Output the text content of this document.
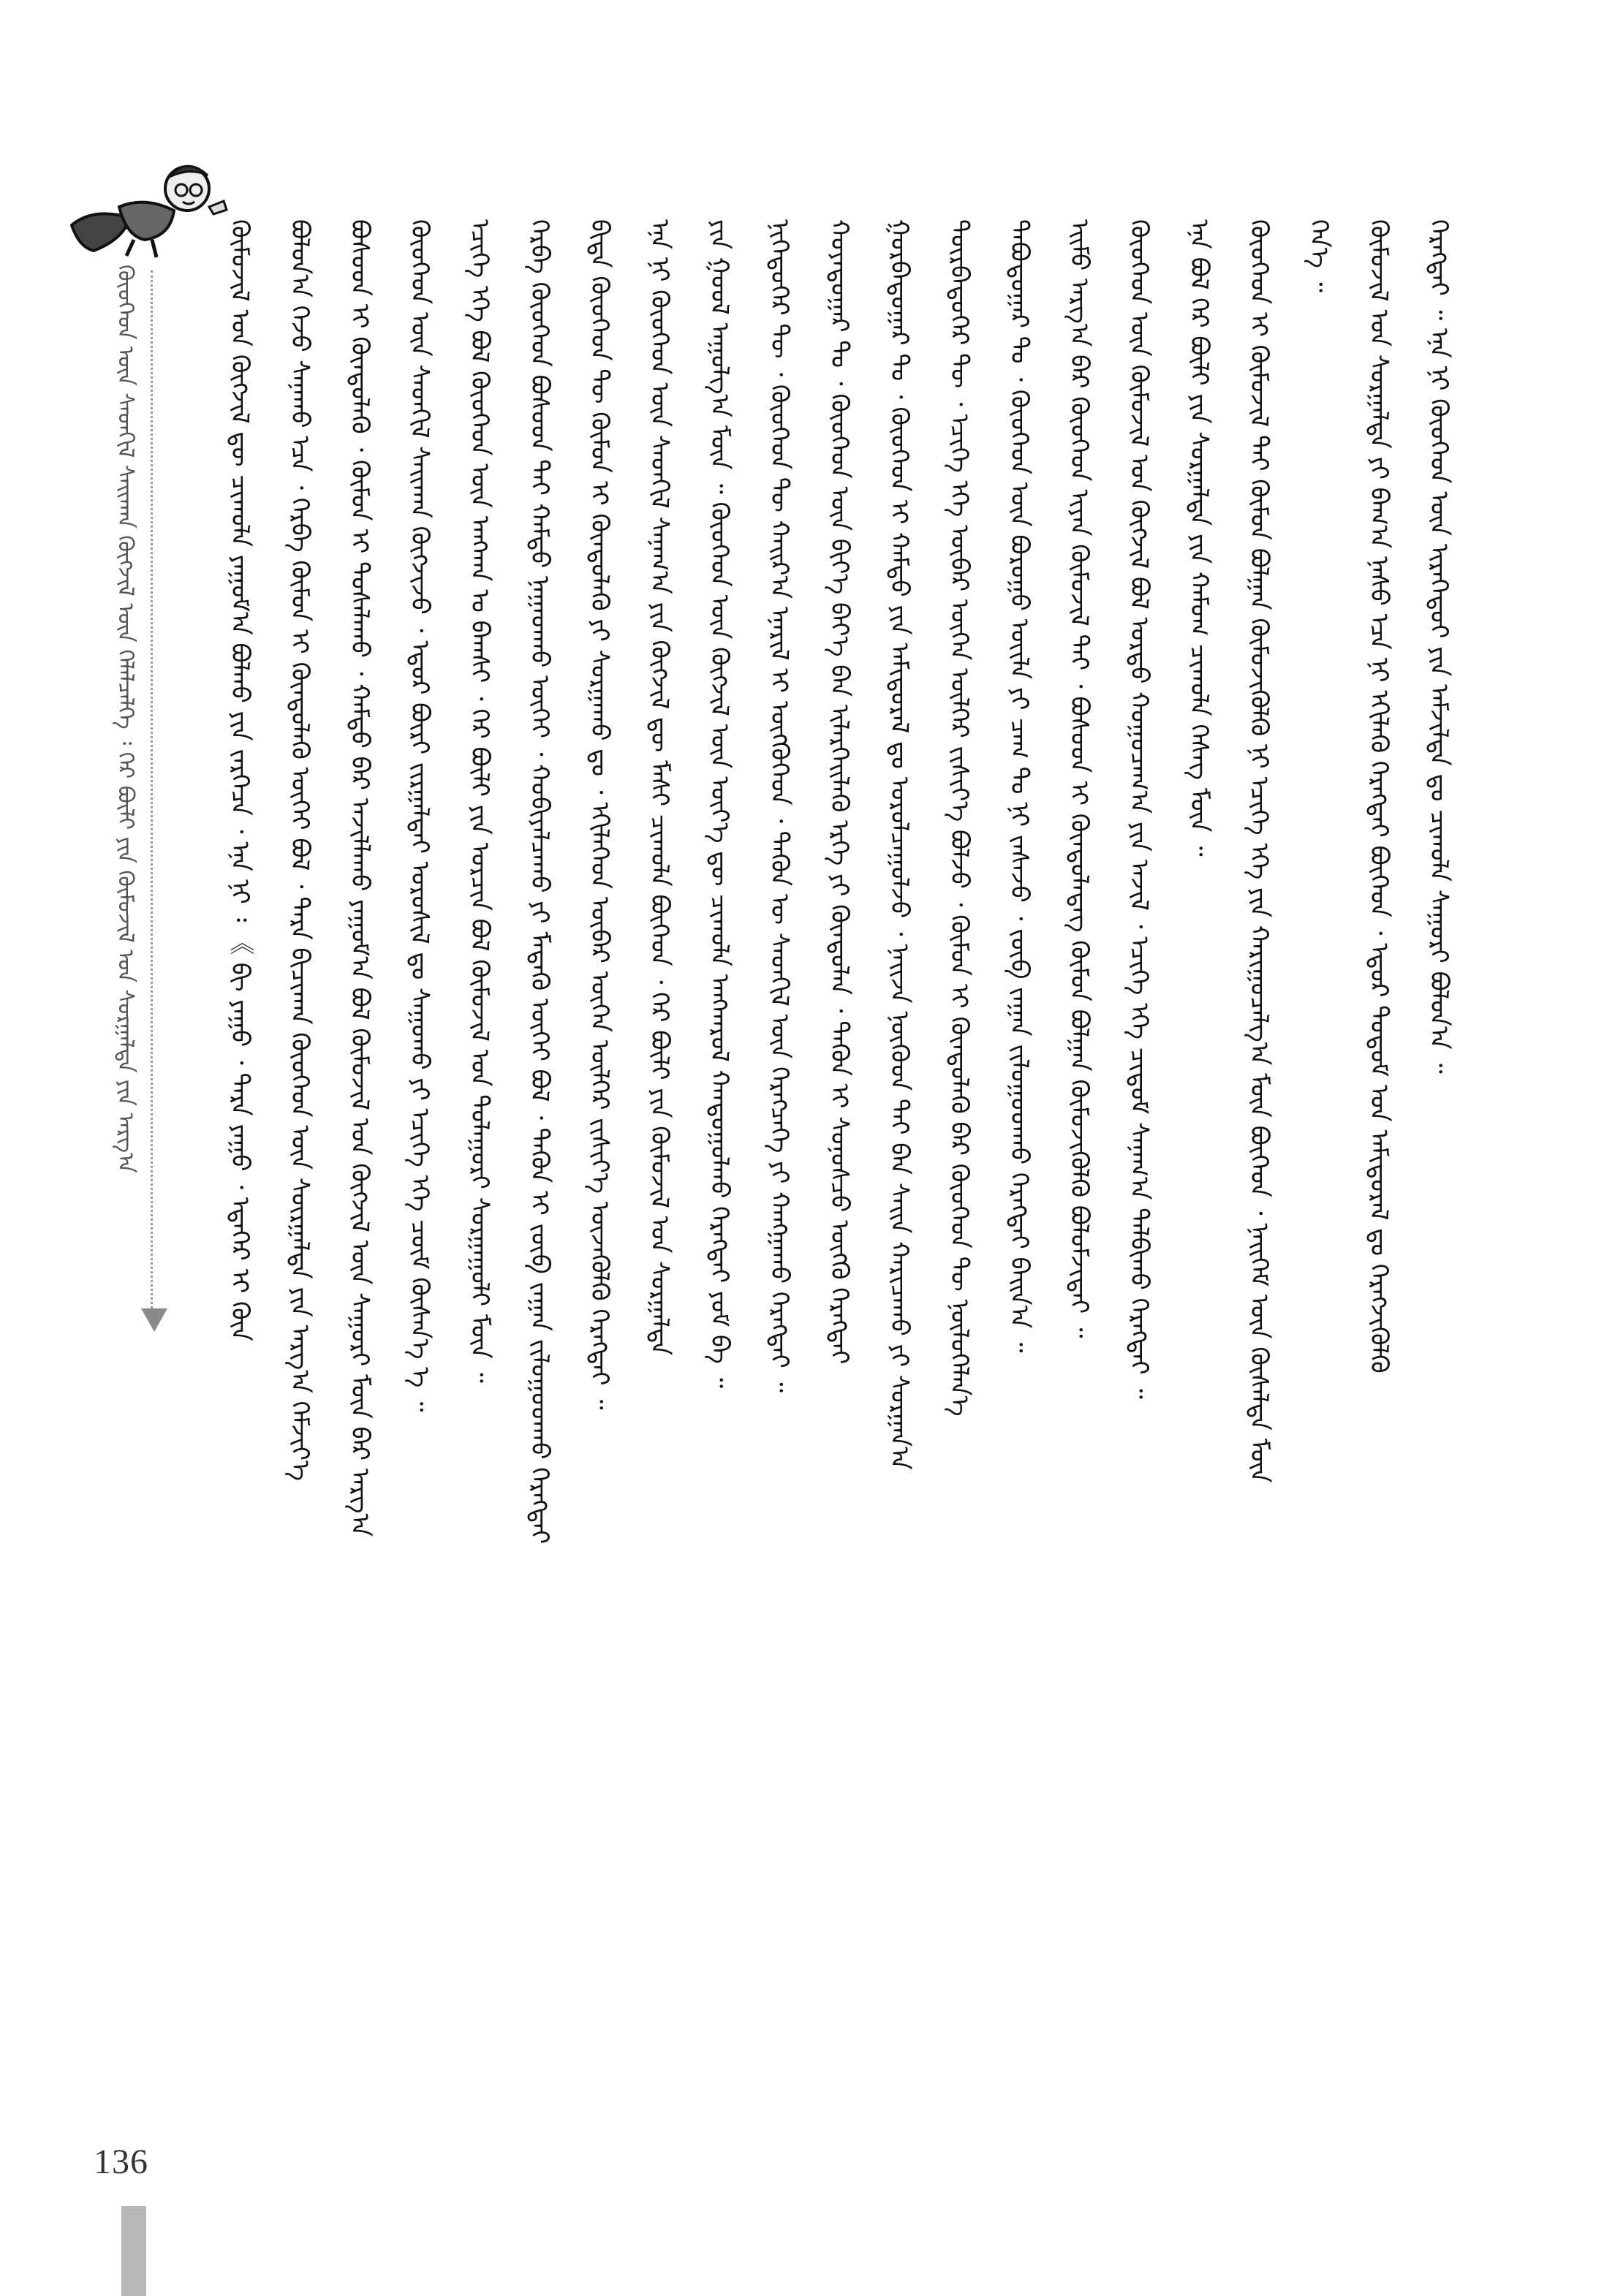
ᠬᠦᠦᠬᠡᠳ ᠦᠨ ᠰᠡᠳᠬᠢᠯ ᠰᠠᠢᠬᠠᠨ ᠬᠥᠭᠵᠢᠯ ᠦᠨ ᠬᠡᠯᠡᠯᠴᠡᠯᠭᠡ ᠄ ᠭᠡᠷ ᠪᠦᠯᠢ ᠶᠢᠨ ᠬᠦᠮᠦᠵᠢᠯ ᠤᠨ ᠰᠤᠷᠭᠠᠯᠲᠠ ᠶᠢᠨ ᠠᠷᠭ᠎ᠠ	ᠬᠦᠮᠦᠵᠢᠯ ᠤᠨ ᠬᠥᠭᠵᠢᠯ ᠳᠦ ᠴᠢᠬᠤᠯᠠ ᠶᠠᠭᠤᠮ᠎ᠠ ᠪᠣᠯᠬᠤ ᠶᠢᠨ ᠵᠡᠷᠭᠡᠴᠡ ᠂ ᠡᠨᠡ ᠨᠢ ᠄ 《 ᠪᠢ ᠶᠠᠭᠤ ᠂ ᠲᠡᠷᠡ ᠶᠠᠭᠤ ᠂ ᠡᠳᠡᠭᠡᠷ ᠢ ᠬᠦᠨ ᠪᠣᠯᠤᠨ᠎ᠠ ᠭᠡᠵᠦ ᠰᠠᠨᠠᠬᠤ ᠡᠴᠡ ᠂ ᠬᠡᠷᠪᠡ ᠬᠦᠮᠦᠨ ᠢ ᠬᠦᠨᠳᠦᠯᠡᠬᠦ ᠦᠭᠡᠢ ᠪᠣᠯ ᠂ ᠲᠡᠷᠡ ᠪᠢᠴᠢᠬᠠᠨ ᠬᠦᠦᠬᠡᠳ ᠦᠨ ᠰᠦᠷᠭᠠᠯᠲᠠ ᠶᠢᠨ ᠠᠷᠭ᠎ᠠ ᠬᠡᠮᠵᠢᠶ᠎ᠡ ᠪᠤᠰᠤᠳ ᠢ ᠬᠦᠨᠳᠦᠯᠡᠬᠦ ᠂ ᠬᠦᠮᠦᠨ ᠢ ᠲᠤᠰᠠᠯᠠᠬᠤ ᠂ ᠬᠠᠮᠲᠤ ᠪᠡᠷ ᠠᠵᠢᠯᠯᠠᠬᠤ ᠶᠠᠭᠤᠮ᠎ᠠ ᠪᠣᠯ ᠬᠦᠮᠦᠵᠢᠯ ᠤᠨ ᠬᠥᠭᠵᠢᠯ ᠦᠨ ᠰᠠᠭᠤᠷᠢ ᠮᠥᠨ ᠪᠡᠷ ᠠᠷᠭ᠎ᠠ ᠬᠦᠦᠬᠡᠳ ᠦᠨ ᠰᠡᠳᠬᠢᠯ ᠰᠠᠢᠬᠠᠨ ᠬᠥᠭᠵᠢᠵᠦ ᠂ ᠡᠳᠦᠷ ᠪᠦᠷᠢ ᠵᠢᠷᠭᠠᠯᠲᠠᠢ ᠤᠷᠤᠰᠢᠯ ᠳᠤ ᠰᠠᠭᠤᠬᠤ ᠶᠢ ᠡᠴᠢᠭᠡ ᠡᠬᠡ ᠴᠥᠮ ᠬᠦᠰᠡᠨ᠎ᠡ ᠡ ᠃ ᠡᠴᠢᠭᠡ ᠡᠬᠡ ᠪᠣᠯ ᠬᠦᠦᠬᠡᠳ ᠦᠨ ᠠᠩᠬᠠᠨ ᠤ ᠪᠠᠭᠰᠢ ᠂ ᠭᠡᠷ ᠪᠦᠯᠢ ᠶᠢᠨ ᠤᠷᠴᠢᠨ ᠪᠣᠯ ᠬᠦᠮᠦᠵᠢᠯ ᠤᠨ ᠲᠤᠯᠠᠭᠤᠷᠢ ᠰᠤᠷᠭᠠᠭᠤᠯᠢ ᠮᠥᠨ ᠃ ᠬᠡᠷᠪᠡ ᠬᠦᠦᠬᠡᠳ ᠪᠤᠰᠤᠳ ᠲᠠᠢ ᠬᠠᠮᠲᠤ ᠨᠠᠭᠠᠳᠬᠤ ᠦᠭᠡᠢ ᠂ ᠬᠤᠪᠢᠶᠠᠯᠴᠠᠬᠤ ᠶᠢ ᠮᠡᠳᠡᠬᠦ ᠦᠭᠡᠢ ᠪᠣᠯ ᠂ ᠲᠡᠭᠦᠨ ᠢ ᠵᠥᠪ ᠵᠠᠭᠠᠨ ᠵᠢᠯᠣᠭᠣᠳᠬᠤ ᠬᠡᠷᠡᠭᠲᠡᠢ ᠪᠢᠳᠡ ᠬᠦᠦᠬᠡᠳ ᠲᠦ ᠬᠦᠮᠦᠨ ᠢ ᠬᠦᠨᠳᠦᠯᠡᠬᠦ ᠶᠢ ᠰᠤᠷᠭᠠᠬᠤ ᠳᠤ ᠂ ᠡᠬᠢᠯᠡᠭᠡᠳ ᠥᠪᠡᠷ ᠦᠭᠡᠨ ᠦᠯᠭᠡᠷ ᠵᠢᠱᠢᠶ᠎ᠡ ᠦᠵᠡᠭᠦᠯᠬᠦ ᠬᠡᠷᠡᠭᠲᠡᠢ ᠃ ᠡᠨᠡ ᠨᠢ ᠬᠦᠦᠬᠡᠳ ᠦᠨ ᠰᠡᠳᠬᠢᠯ ᠰᠠᠨᠠᠭ᠎ᠠ ᠶᠢᠨ ᠬᠥᠭᠵᠢᠯ ᠳᠦ ᠮᠠᠰᠢ ᠴᠢᠬᠤᠯᠠ ᠪᠥᠭᠡᠳ ᠂ ᠭᠡᠷ ᠪᠦᠯᠢ ᠶᠢᠨ ᠬᠦᠮᠦᠵᠢᠯ ᠤᠨ ᠰᠤᠷᠭᠠᠯᠲᠠ ᠶᠢᠨ ᠭᠣᠣᠯ ᠠᠭᠤᠯᠭ᠎ᠠ ᠮᠥᠨ ᠃ ᠬᠦᠦᠬᠡᠳ ᠦᠨ ᠬᠥᠭᠵᠢᠯ ᠦᠨ ᠦᠶ᠎ᠡ ᠳᠦ ᠴᠢᠬᠤᠯᠠ ᠠᠩᠬᠠᠷᠤᠯ ᠬᠠᠨᠳᠤᠭᠤᠯᠬᠤ ᠬᠡᠷᠡᠭᠲᠡᠢ ᠶᠤᠮ ᠪᠠ ᠃ ᠨᠢᠭᠡᠳᠦᠭᠡᠷ ᠲᠦ ᠂ ᠬᠦᠦᠬᠡᠳ ᠲᠦ ᠬᠠᠢᠷ᠎ᠠ ᠡᠨᠡᠷᠢᠯ ᠢ ᠥᠭᠭᠦᠭᠡᠳ ᠂ ᠲᠡᠭᠦᠨ ᠦ ᠰᠡᠳᠬᠢᠯ ᠦᠨ ᠬᠡᠷᠡᠭᠴᠡᠭᠡ ᠶᠢ ᠬᠠᠩᠭᠠᠬᠤ ᠬᠡᠷᠡᠭᠲᠡᠢ ᠃ ᠬᠣᠶᠠᠳᠤᠭᠠᠷ ᠲᠤ ᠂ ᠬᠦᠦᠬᠡᠳ ᠦᠨ ᠪᠢᠶ᠎ᠡ ᠪᠡᠶ᠎ᠡ ᠪᠠᠨ ᠢᠯᠡᠷᠬᠡᠢᠯᠡᠬᠦ ᠡᠷᠬᠡ ᠶᠢ ᠬᠦᠨᠳᠦᠯᠡᠨ ᠂ ᠲᠡᠭᠦᠨ ᠢ ᠰᠣᠨᠣᠰᠴᠤ ᠥᠭᠬᠦ ᠬᠡᠷᠡᠭᠲᠡᠢ ᠭᠤᠷᠪᠠᠳᠤᠭᠠᠷ ᠲᠤ ᠂ ᠬᠦᠦᠬᠡᠳ ᠢ ᠬᠠᠮᠲᠤ ᠶᠢᠨ ᠠᠮᠢᠳᠤᠷᠠᠯ ᠳᠤ ᠣᠷᠤᠯᠴᠠᠭᠤᠯᠵᠤ ᠂ ᠨᠠᠢᠵᠠ ᠨᠥᠬᠥᠳ ᠲᠡᠢ ᠪᠡᠨ ᠰᠠᠢᠨ ᠬᠠᠷᠢᠴᠠᠬᠤ ᠶᠢ ᠰᠤᠷᠭᠠᠨ᠎ᠠ ᠳᠥᠷᠪᠡᠳᠦᠭᠡᠷ ᠲᠦ ᠂ ᠡᠴᠢᠭᠡ ᠡᠬᠡ ᠥᠪᠡᠷ ᠦᠭᠡᠨ ᠦᠯᠭᠡᠷ ᠵᠢᠱᠢᠶ᠎ᠡ ᠪᠣᠯᠵᠤ ᠂ ᠬᠦᠮᠦᠨ ᠢ ᠬᠦᠨᠳᠦᠯᠡᠬᠦ ᠪᠡᠷ ᠬᠦᠦᠬᠡᠳ ᠲᠦ ᠨᠥᠯᠥᠭᠡᠯᠡᠨ᠎ᠡ ᠲᠠᠪᠤᠳᠤᠭᠠᠷ ᠲᠤ ᠂ ᠬᠦᠦᠬᠡᠳ ᠦᠨ ᠪᠤᠷᠤᠭᠤ ᠦᠢᠯᠡ ᠶᠢ ᠴᠠᠭ ᠲᠤ ᠨᠢ ᠵᠠᠰᠠᠵᠤ ᠂ ᠵᠥᠪ ᠵᠠᠭᠠᠨ ᠵᠢᠯᠣᠭᠣᠳᠬᠤ ᠬᠡᠷᠡᠭᠲᠡᠢ ᠪᠠᠢᠨ᠎ᠠ ᠃ ᠡᠢᠮᠦ ᠠᠷᠭ᠎ᠠ ᠪᠠᠷ ᠬᠦᠦᠬᠡᠳ ᠢᠶᠡᠨ ᠬᠦᠮᠦᠵᠢᠯ ᠲᠡᠢ ᠂ ᠪᠤᠰᠤᠳ ᠢ ᠬᠦᠨᠳᠦᠯᠡᠳᠡᠭ ᠬᠦᠮᠦᠨ ᠪᠣᠯᠭᠠᠨ ᠬᠥᠮᠦᠵᠢᠭᠦᠯᠬᠦ ᠪᠣᠯᠤᠮᠵᠢᠲᠠᠢ ᠃ ᠬᠦᠦᠬᠡᠳ ᠦᠨ ᠬᠦᠮᠦᠵᠢᠯ ᠤᠨ ᠬᠥᠭᠵᠢᠯ ᠪᠣᠯ ᠤᠷᠲᠤ ᠬᠤᠭᠤᠴᠠᠭ᠎ᠠ ᠶᠢᠨ ᠠᠵᠢᠯ ᠂ ᠡᠴᠢᠭᠡ ᠡᠬᠡ ᠴᠢᠳᠤᠮ ᠰᠠᠨᠠᠭ᠎ᠠ ᠲᠠᠯᠪᠢᠬᠤ ᠬᠡᠷᠡᠭᠲᠡᠢ ᠃ ᠡᠨᠡ ᠪᠣᠯ ᠭᠡᠷ ᠪᠦᠯᠢ ᠶᠢᠨ ᠰᠤᠷᠭᠠᠯᠲᠠ ᠶᠢᠨ ᠬᠠᠮᠤᠭ ᠴᠢᠬᠤᠯᠠ ᠬᠡᠰᠡᠭ ᠮᠥᠨ ᠃ ᠬᠦᠦᠬᠡᠳ ᠢ ᠬᠦᠮᠦᠵᠢᠯ ᠲᠡᠢ ᠬᠦᠮᠦᠨ ᠪᠣᠯᠭᠠᠨ ᠬᠥᠮᠦᠵᠢᠭᠦᠯᠬᠦ ᠨᠢ ᠡᠴᠢᠭᠡ ᠡᠬᠡ ᠶᠢᠨ ᠬᠠᠷᠢᠭᠤᠴᠠᠯᠭ᠎ᠠ ᠮᠥᠨ ᠪᠥᠭᠡᠳ ᠂ ᠨᠡᠢᠭᠡᠮ ᠦᠨ ᠬᠦᠰᠡᠯᠲᠡ ᠮᠥᠨ ᠭᠡᠨ᠎ᠡ ᠃ ᠬᠦᠮᠦᠵᠢᠯ ᠤᠨ ᠰᠤᠷᠭᠠᠯᠲᠠ ᠶᠢ ᠪᠠᠭ᠎ᠠ ᠨᠠᠰᠤ ᠡᠴᠡ ᠨᠢ ᠡᠬᠢᠯᠡᠬᠦ ᠬᠡᠷᠡᠭᠲᠡᠢ ᠪᠥᠭᠡᠳ ᠂ ᠡᠳᠦᠷ ᠲᠤᠲᠤᠮ ᠤᠨ ᠠᠮᠢᠳᠤᠷᠠᠯ ᠳᠤ ᠬᠡᠷᠡᠭᠵᠢᠭᠦᠯᠬᠦ ᠬᠡᠷᠡᠭᠲᠡᠢ ᠃ ᠡᠨᠡ ᠨᠢ ᠬᠦᠦᠬᠡᠳ ᠦᠨ ᠢᠷᠡᠭᠡᠳᠦᠢ ᠶᠢᠨ ᠠᠮᠵᠢᠯᠲᠠ ᠳᠤ ᠴᠢᠬᠤᠯᠠ ᠰᠠᠭᠤᠷᠢ ᠪᠣᠯᠤᠨ᠎ᠠ ᠃
136
